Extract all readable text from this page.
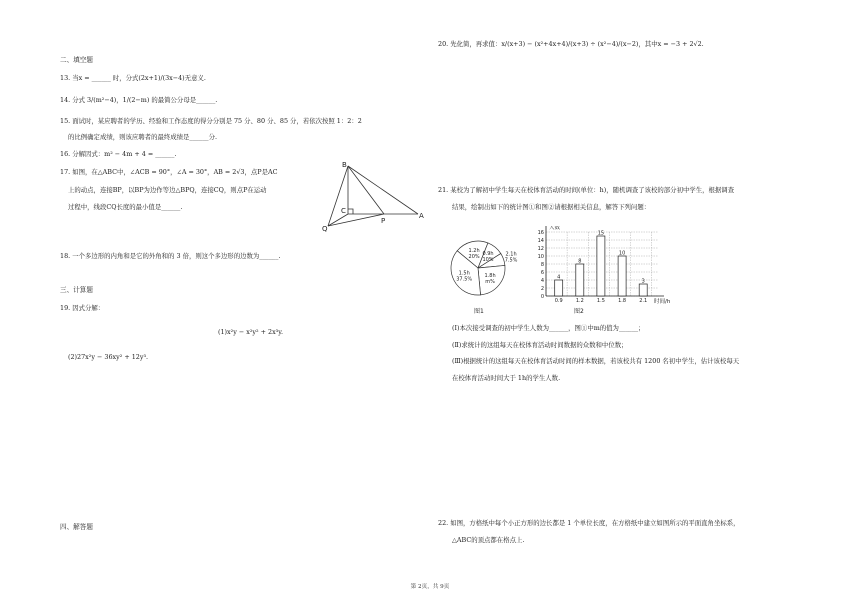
二、填空题
13. 当x = ______ 时，分式(2x+1)/(3x−4)无意义.
14. 分式 3/(m²−4)，1/(2−m) 的最简公分母是______.
15. 面试时，某应聘者的学历、经验和工作态度的得分分别是 75 分、80 分、85 分，若依次按照 1：2：2
的比例确定成绩，则该应聘者的最终成绩是______分.
16. 分解因式：m² − 4m + 4 = ______.
17. 如图，在△ABC中，∠ACB = 90°，∠A = 30°，AB = 2√3，点P是AC
上的动点，连接BP，以BP为边作等边△BPQ，连接CQ，则点P在运动
过程中，线段CQ长度的最小值是______.
B
C
P
Q
A
18. 一个多边形的内角和是它的外角和的 3 倍，则这个多边形的边数为______.
三、计算题
19. 因式分解：
(1)x²y − x²y² + 2x³y.
(2)27x²y − 36xy² + 12y³.
四、解答题
20. 先化简，再求值：x/(x+3) − (x²+4x+4)/(x+3) ÷ (x²−4)/(x−2)，其中x = −3 + 2√2.
21. 某校为了解初中学生每天在校体育活动的时间(单位：h)，随机调查了该校的部分初中学生，根据调查
结果，绘制出如下的统计图①和图②请根据相关信息，解答下列问题：
1.2h
20% 0.9h
10%
2.1h
7.5%
1.8h
m%
1.5h
37.5%
图1
0
2
4
6
8
10
12
14
16
人数
时间/h
4
0.9
8
1.2
15
1.5
10
1.8
3
2.1
图2
(Ⅰ)本次接受调查的初中学生人数为______，图①中m的值为______；
(Ⅱ)求统计的这组每天在校体育活动时间数据的众数和中位数；
(Ⅲ)根据统计的这组每天在校体育活动时间的样本数据，若该校共有 1200 名初中学生，估计该校每天
在校体育活动时间大于 1h的学生人数.
22. 如图，方格纸中每个小正方形的边长都是 1 个单位长度，在方格纸中建立如图所示的平面直角坐标系，
△ABC的顶点都在格点上.
第 2页，共 9页
